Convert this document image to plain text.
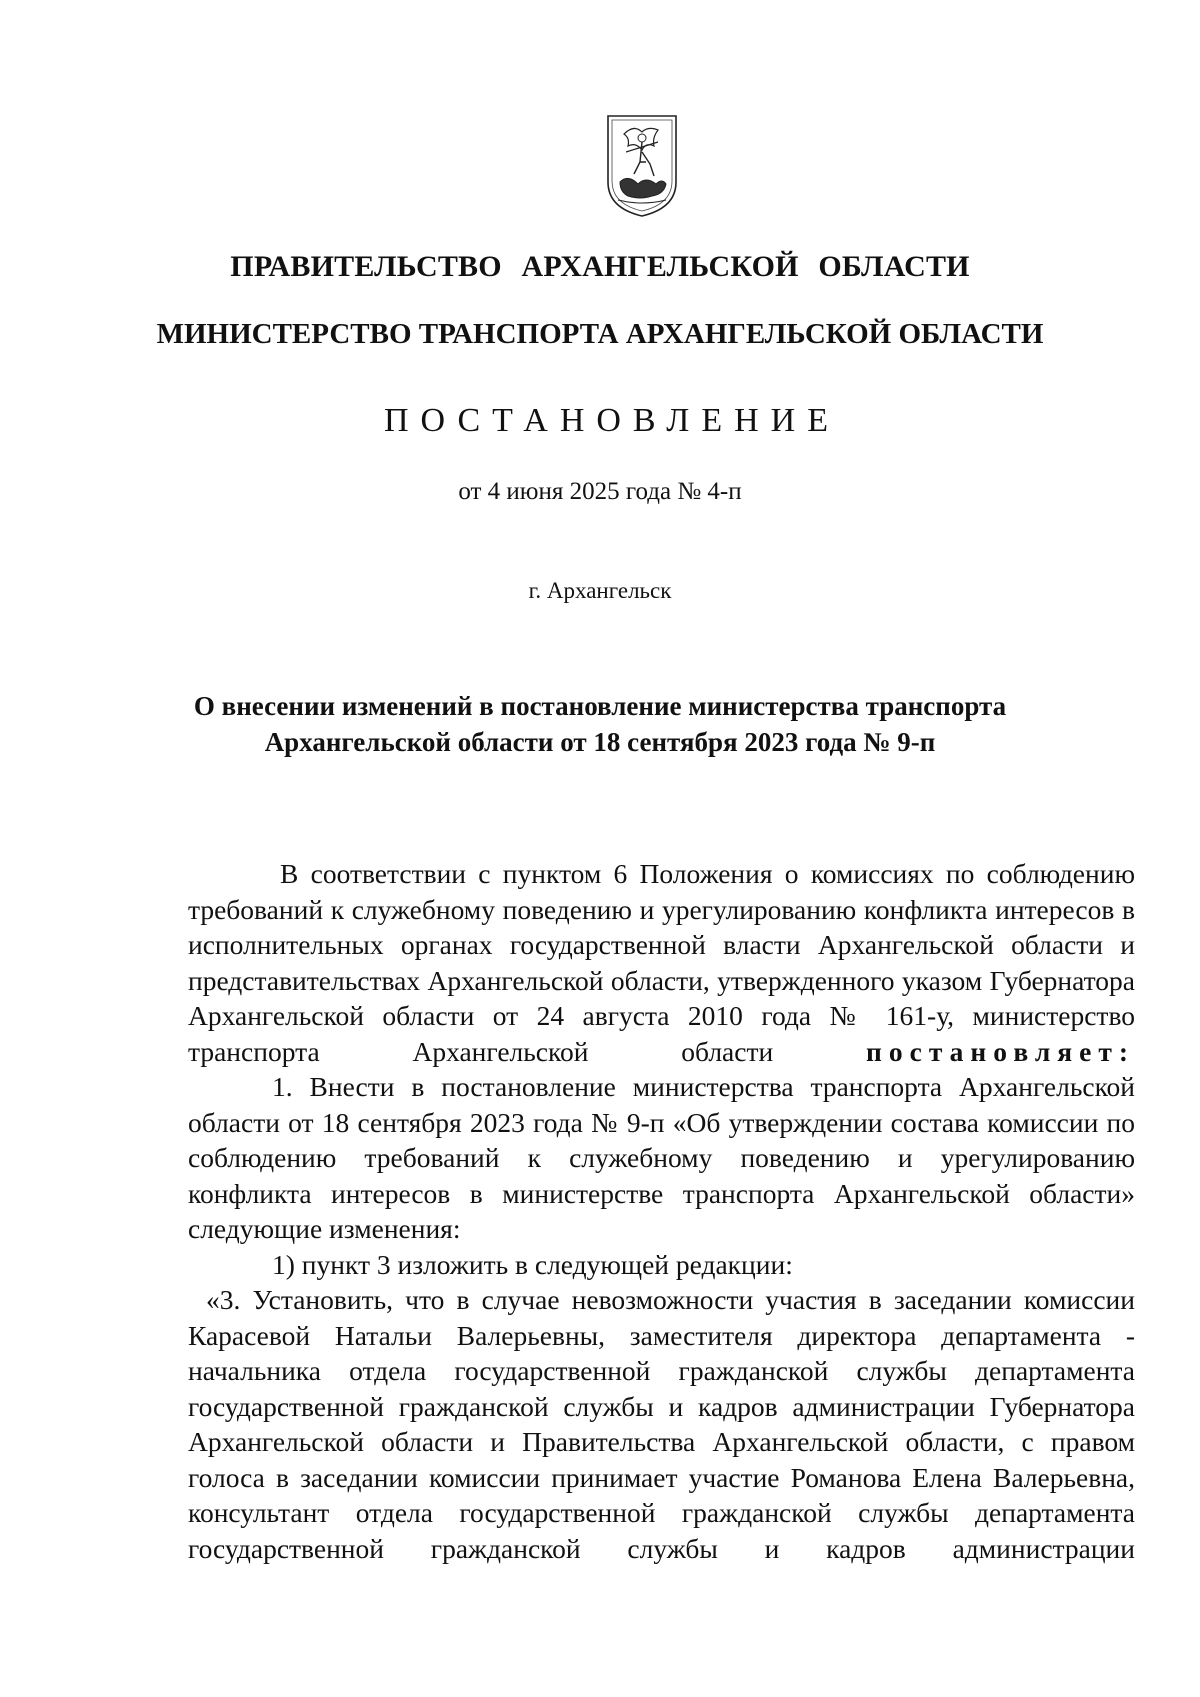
ПРАВИТЕЛЬСТВО АРХАНГЕЛЬСКОЙ ОБЛАСТИ
МИНИСТЕРСТВО ТРАНСПОРТА АРХАНГЕЛЬСКОЙ ОБЛАСТИ
ПОСТАНОВЛЕНИЕ
от 4 июня 2025 года № 4-п
г. Архангельск
О внесении изменений в постановление министерства транспорта
Архангельской области от 18 сентября 2023 года № 9-п

В соответствии с пунктом 6 Положения о комиссиях по соблюдению требований к служебному поведению и урегулированию конфликта интересов в исполнительных органах государственной власти Архангельской области и представительствах Архангельской области, утвержденного указом Губернатора Архангельской области от 24 августа 2010 года № 161-у, министерство транспорта Архангельской области	постановляет:

1. Внести в постановление министерства транспорта Архангельской области от 18 сентября 2023 года № 9-п «Об утверждении состава комиссии по соблюдению требований к служебному поведению и урегулированию конфликта интересов в министерстве транспорта Архангельской области» следующие изменения:

1) пункт 3 изложить в следующей редакции:

«3. Установить, что в случае невозможности участия в заседании комиссии Карасевой Натальи Валерьевны, заместителя директора департамента - начальника отдела государственной гражданской службы департамента государственной гражданской службы и кадров администрации Губернатора Архангельской области и Правительства Архангельской области, с правом голоса в заседании комиссии принимает участие Романова Елена Валерьевна, консультант отдела государственной гражданской службы департамента государственной гражданской службы и кадров администрации
